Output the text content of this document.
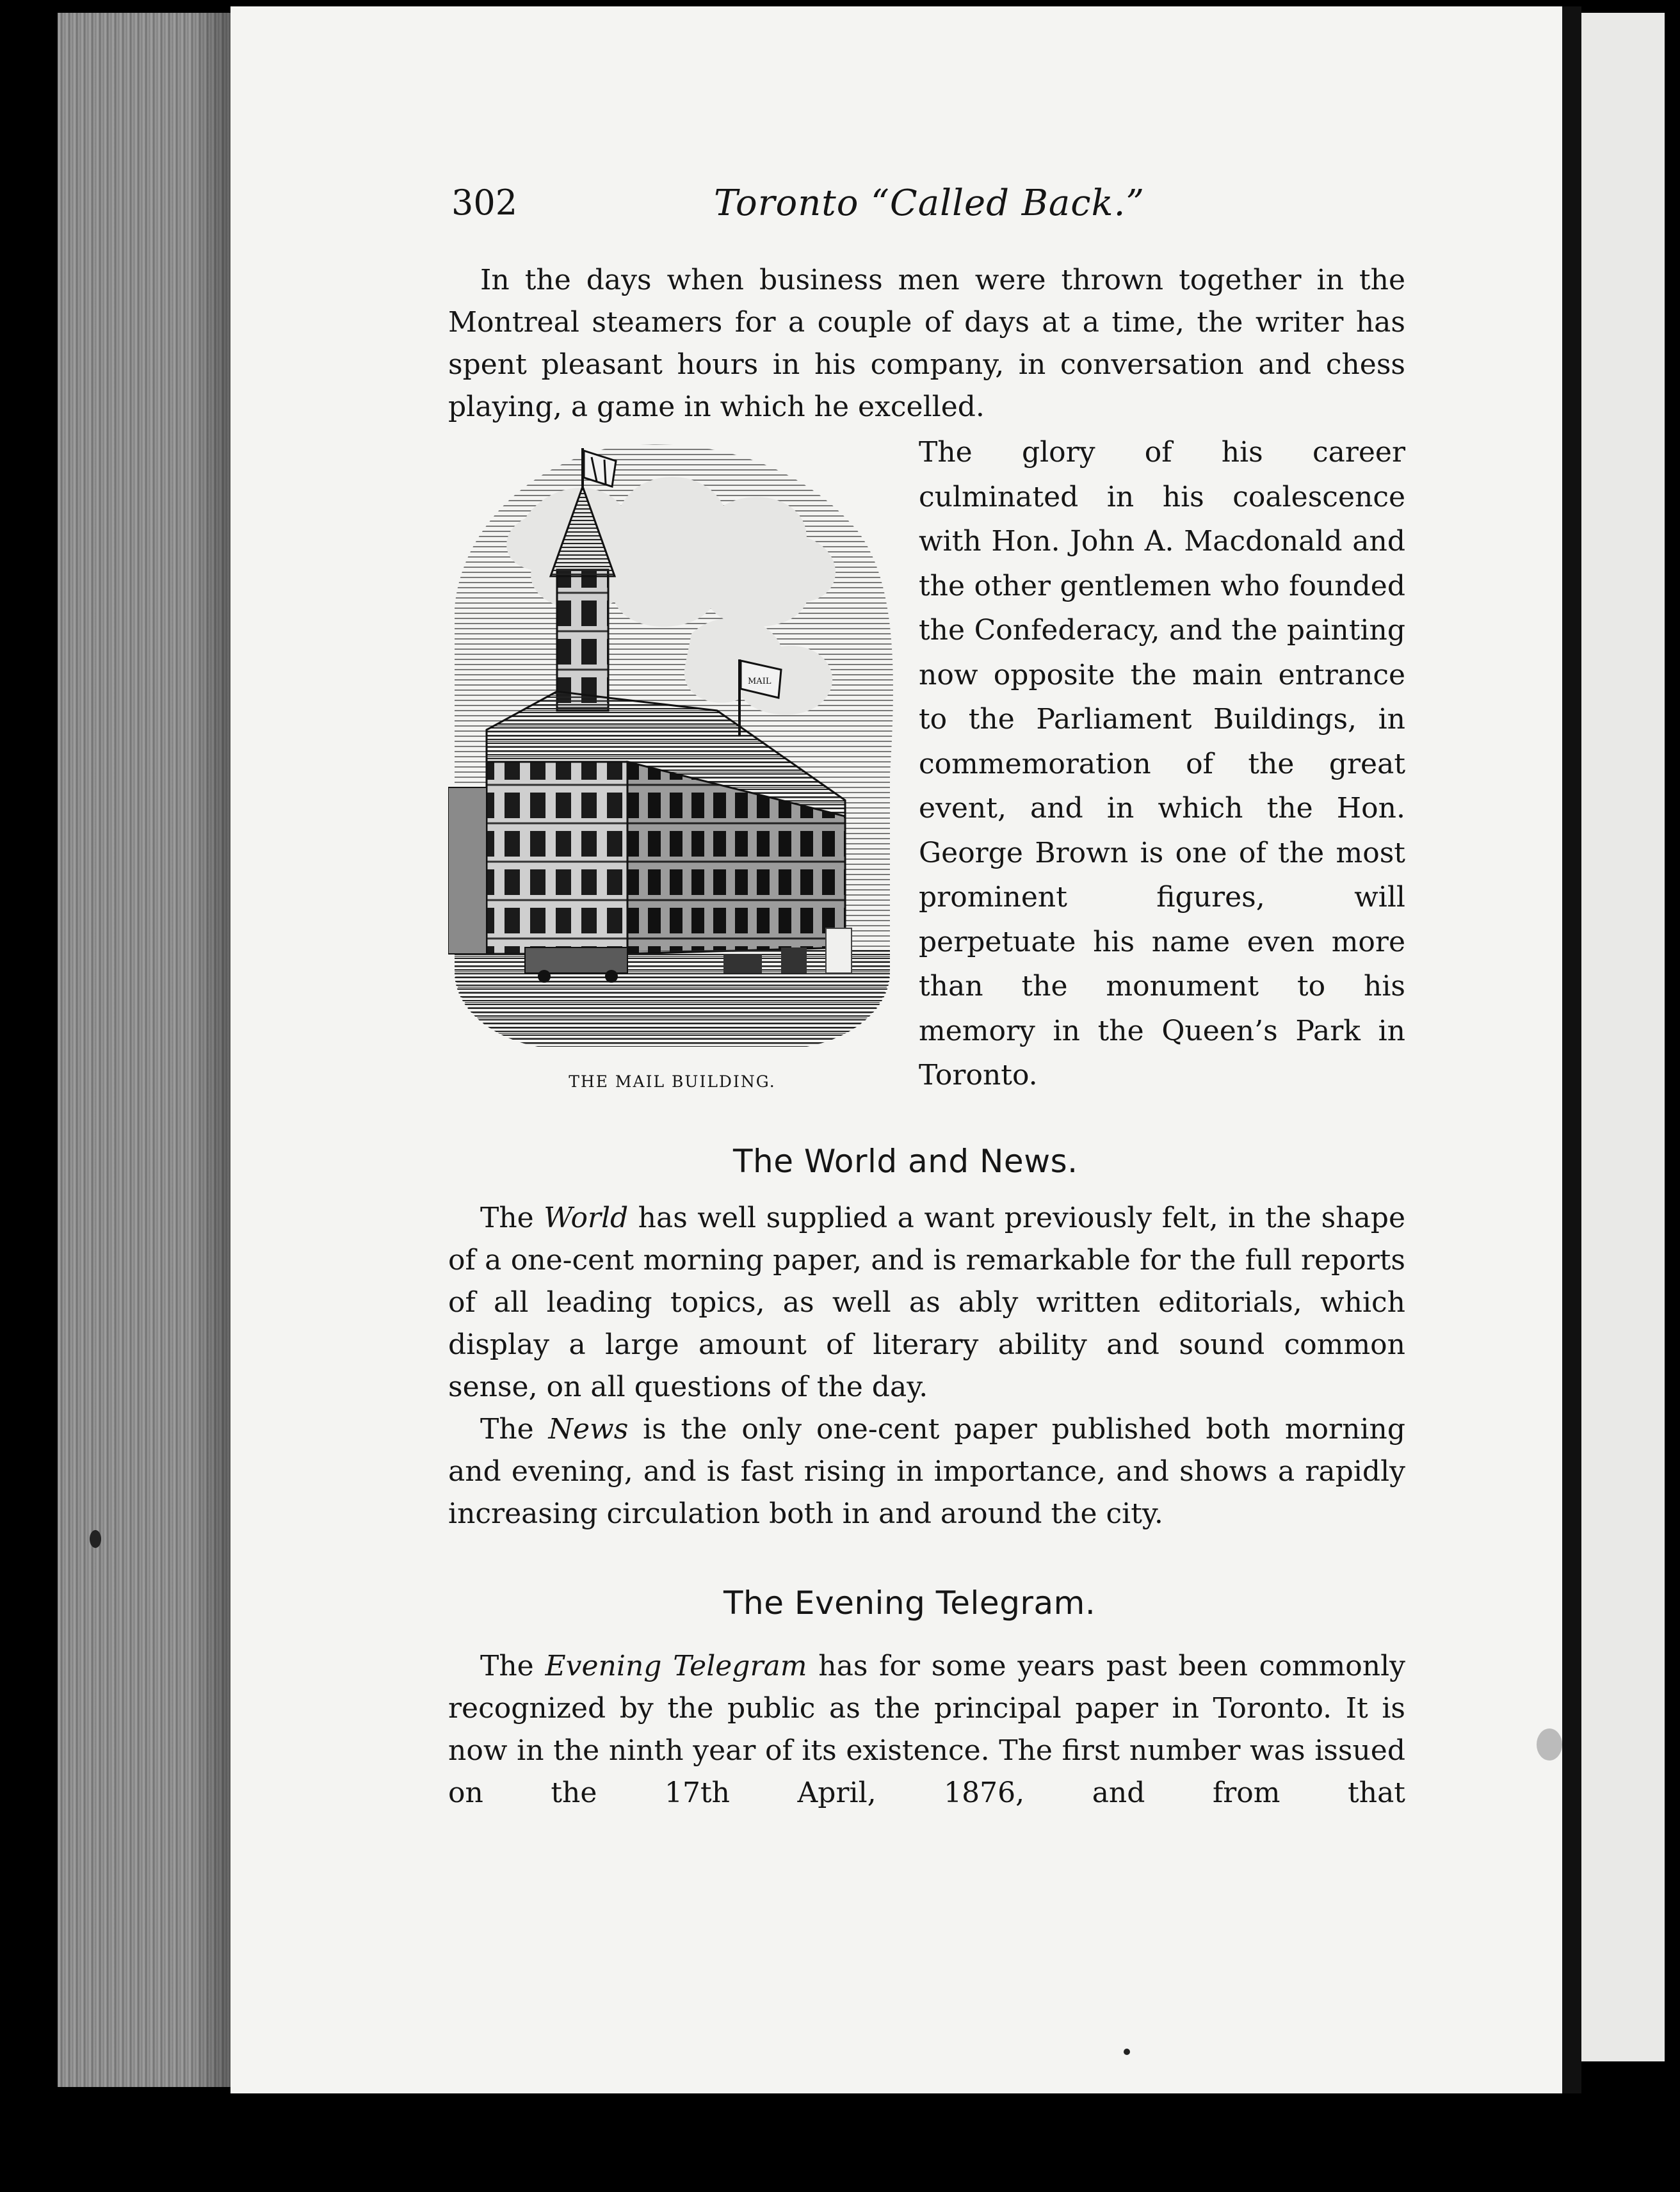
302	Toronto “Called Back.”

In the days when business men were thrown together in the Montreal steamers for a couple of days at a time, the writer has spent pleasant hours in his company, in conversation and chess playing, a game in which he excelled.

MAIL
THE MAIL BUILDING.

The glory of his career culminated in his coalescence with Hon. John A. Macdonald and the other gentlemen who founded the Confederacy, and the painting now opposite the main entrance to the Parliament Buildings, in commemoration of the great event, and in which the Hon. George Brown is one of the most prominent figures, will perpetuate his name even more than the monument to his memory in the Queen’s Park in Toronto.

The World and News.

The World has well supplied a want previously felt, in the shape of a one-cent morning paper, and is remarkable for the full reports of all leading topics, as well as ably written editorials, which display a large amount of literary ability and sound common sense, on all questions of the day.

The News is the only one-cent paper published both morning and evening, and is fast rising in importance, and shows a rapidly increasing circulation both in and around the city.

The Evening Telegram.

The Evening Telegram has for some years past been commonly recognized by the public as the principal paper in Toronto. It is now in the ninth year of its existence. The first number was issued on the 17th April, 1876, and from that
